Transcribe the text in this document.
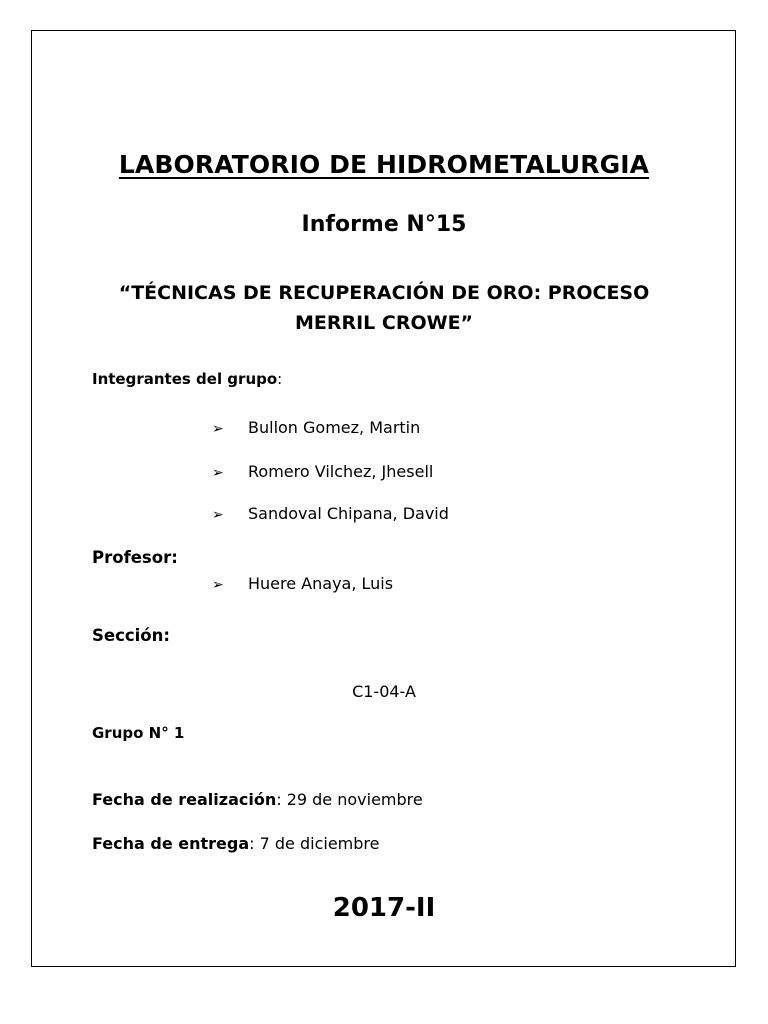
LABORATORIO DE HIDROMETALURGIA
Informe N°15
“TÉCNICAS DE RECUPERACIÓN DE ORO: PROCESO
MERRIL CROWE”
Integrantes del grupo:
➢ Bullon Gomez, Martin
➢ Romero Vilchez, Jhesell
➢ Sandoval Chipana, David
Profesor:
➢ Huere Anaya, Luis
Sección:
C1-04-A
Grupo N° 1
Fecha de realización: 29 de noviembre
Fecha de entrega: 7 de diciembre
2017-II
